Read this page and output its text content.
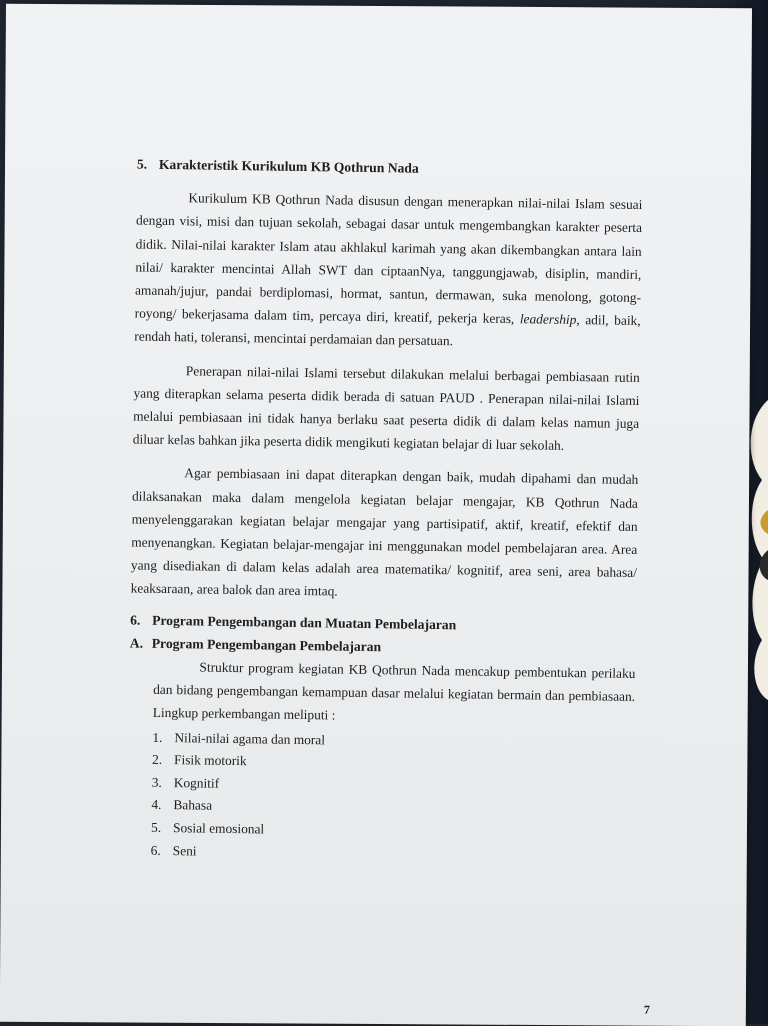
5. Karakteristik Kurikulum KB Qothrun Nada

Kurikulum KB Qothrun Nada disusun dengan menerapkan nilai-nilai Islam sesuai dengan visi, misi dan tujuan sekolah, sebagai dasar untuk mengembangkan karakter peserta didik. Nilai-nilai karakter Islam atau akhlakul karimah yang akan dikembangkan antara lain nilai/ karakter mencintai Allah SWT dan ciptaanNya, tanggungjawab, disiplin, mandiri, amanah/jujur, pandai berdiplomasi, hormat, santun, dermawan, suka menolong, gotong-royong/ bekerjasama dalam tim, percaya diri, kreatif, pekerja keras, leadership, adil, baik, rendah hati, toleransi, mencintai perdamaian dan persatuan.

Penerapan nilai-nilai Islami tersebut dilakukan melalui berbagai pembiasaan rutin yang diterapkan selama peserta didik berada di satuan PAUD . Penerapan nilai-nilai Islami melalui pembiasaan ini tidak hanya berlaku saat peserta didik di dalam kelas namun juga diluar kelas bahkan jika peserta didik mengikuti kegiatan belajar di luar sekolah.

Agar pembiasaan ini dapat diterapkan dengan baik, mudah dipahami dan mudah dilaksanakan maka dalam mengelola kegiatan belajar mengajar, KB Qothrun Nada menyelenggarakan kegiatan belajar mengajar yang partisipatif, aktif, kreatif, efektif dan menyenangkan. Kegiatan belajar-mengajar ini menggunakan model pembelajaran area. Area yang disediakan di dalam kelas adalah area matematika/ kognitif, area seni, area bahasa/ keaksaraan, area balok dan area imtaq.

6. Program Pengembangan dan Muatan Pembelajaran

A. Program Pengembangan Pembelajaran

Struktur program kegiatan KB Qothrun Nada mencakup pembentukan perilaku dan bidang pengembangan kemampuan dasar melalui kegiatan bermain dan pembiasaan. Lingkup perkembangan meliputi :

1. Nilai-nilai agama dan moral
2. Fisik motorik
3. Kognitif
4. Bahasa
5. Sosial emosional
6. Seni
7
